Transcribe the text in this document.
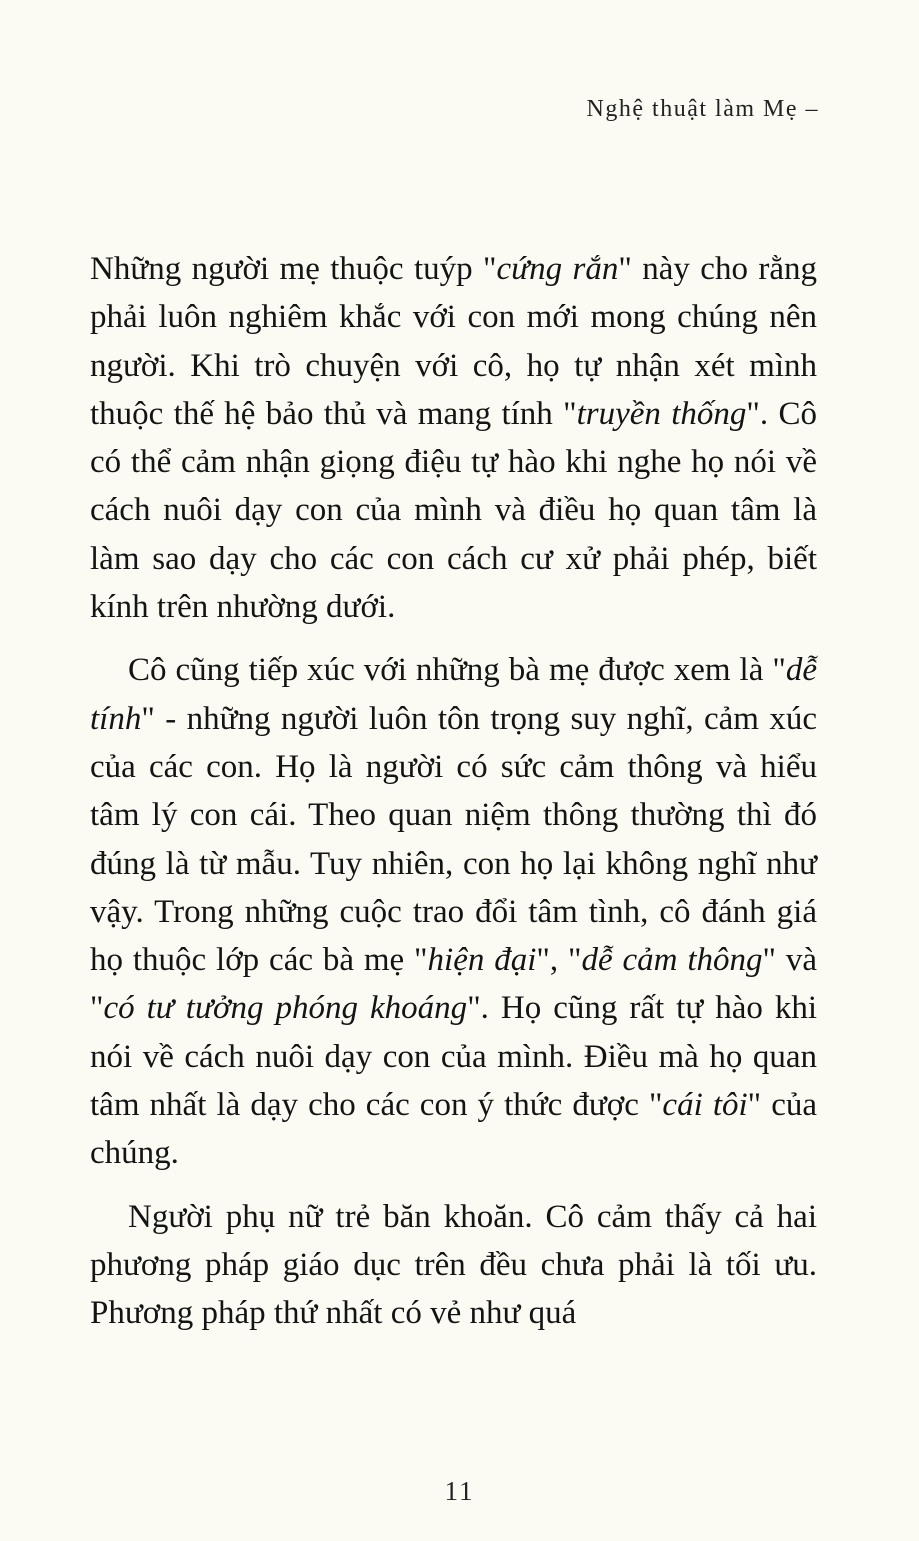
Nghệ thuật làm Mẹ –

Những người mẹ thuộc tuýp "cứng rắn" này cho rằng phải luôn nghiêm khắc với con mới mong chúng nên người. Khi trò chuyện với cô, họ tự nhận xét mình thuộc thế hệ bảo thủ và mang tính "truyền thống". Cô có thể cảm nhận giọng điệu tự hào khi nghe họ nói về cách nuôi dạy con của mình và điều họ quan tâm là làm sao dạy cho các con cách cư xử phải phép, biết kính trên nhường dưới.

Cô cũng tiếp xúc với những bà mẹ được xem là "dễ tính" - những người luôn tôn trọng suy nghĩ, cảm xúc của các con. Họ là người có sức cảm thông và hiểu tâm lý con cái. Theo quan niệm thông thường thì đó đúng là từ mẫu. Tuy nhiên, con họ lại không nghĩ như vậy. Trong những cuộc trao đổi tâm tình, cô đánh giá họ thuộc lớp các bà mẹ "hiện đại", "dễ cảm thông" và "có tư tưởng phóng khoáng". Họ cũng rất tự hào khi nói về cách nuôi dạy con của mình. Điều mà họ quan tâm nhất là dạy cho các con ý thức được "cái tôi" của chúng.

Người phụ nữ trẻ băn khoăn. Cô cảm thấy cả hai phương pháp giáo dục trên đều chưa phải là tối ưu. Phương pháp thứ nhất có vẻ như quá

11
